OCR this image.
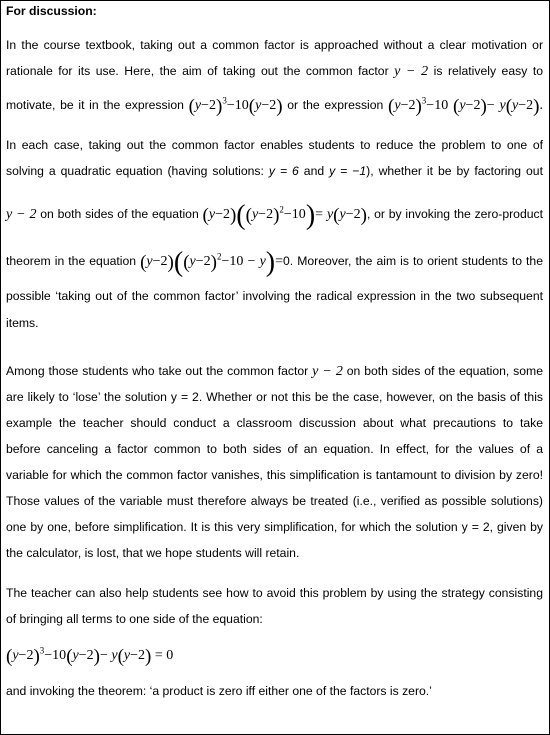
For discussion:
In the course textbook, taking out a common factor is approached without a clear motivation or
rationale for its use. Here, the aim of taking out the common factor y − 2 is relatively easy to
motivate, be it in the expression $(y-2)^3-10(y-2)$ or the expression $(y-2)^3-10$ (y−2)− y(y−2).
In each case, taking out the common factor enables students to reduce the problem to one of
solving a quadratic equation (having solutions: y = 6 and y = −1), whether it be by factoring out
y − 2 on both sides of the equation $(y-2)((y-2)^2-10)= y(y-2)$, or by invoking the zero-product
theorem in the equation $(y-2)((y-2)^2-10 - y)=0$. Moreover, the aim is to orient students to the
possible ‘taking out of the common factor’ involving the radical expression in the two subsequent
items.
Among those students who take out the common factor y − 2 on both sides of the equation, some
are likely to ‘lose’ the solution y = 2. Whether or not this be the case, however, on the basis of this
example the teacher should conduct a classroom discussion about what precautions to take
before canceling a factor common to both sides of an equation. In effect, for the values of a
variable for which the common factor vanishes, this simplification is tantamount to division by zero!
Those values of the variable must therefore always be treated (i.e., verified as possible solutions)
one by one, before simplification. It is this very simplification, for which the solution y = 2, given by
the calculator, is lost, that we hope students will retain.
The teacher can also help students see how to avoid this problem by using the strategy consisting
of bringing all terms to one side of the equation:
$(y-2)^3-10(y-2)- y(y-2) = 0$
and invoking the theorem: ‘a product is zero iff either one of the factors is zero.’
